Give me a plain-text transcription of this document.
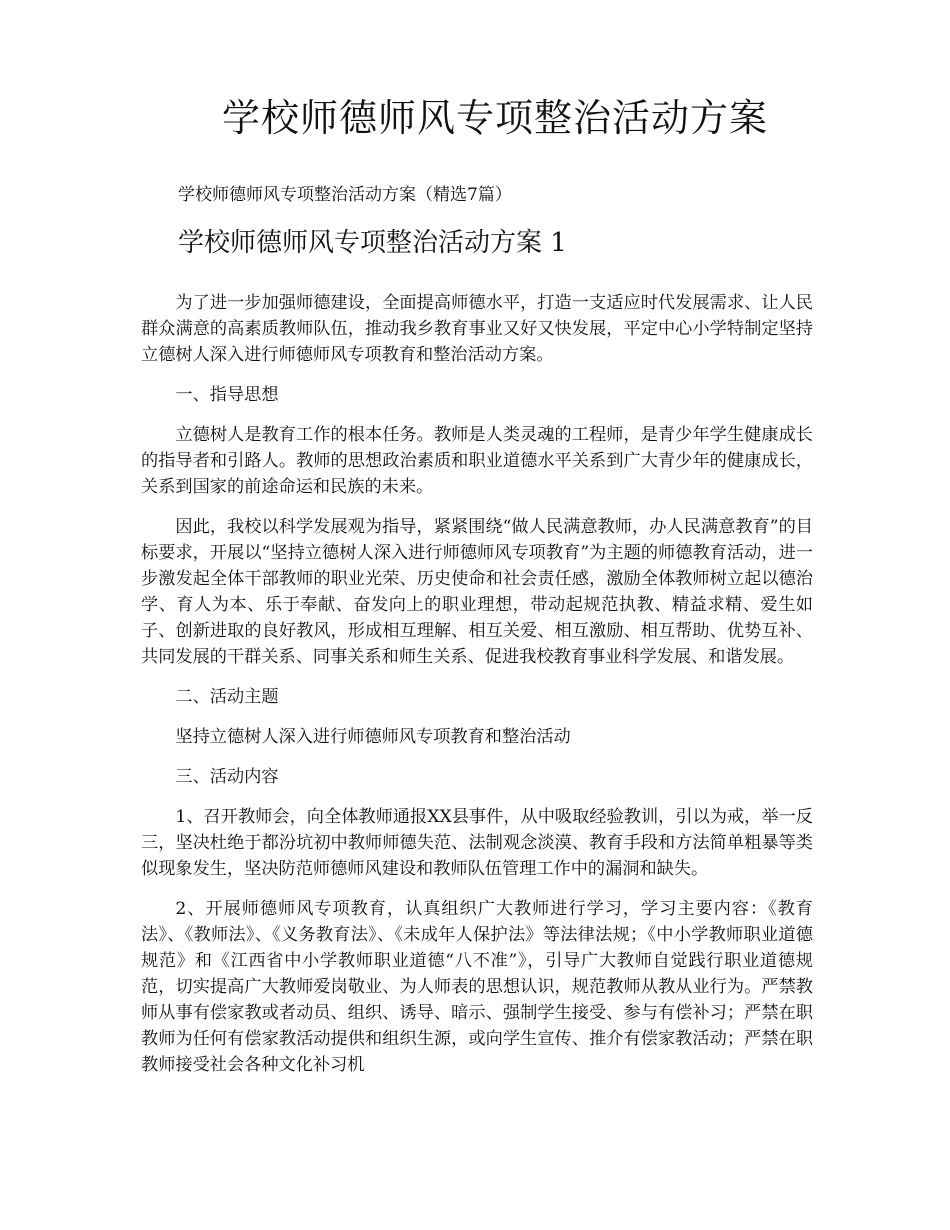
学校师德师风专项整治活动方案

学校师德师风专项整治活动方案（精选7篇）

学校师德师风专项整治活动方案 1

为了进一步加强师德建设，全面提高师德水平，打造一支适应时代发展需求、让人民群众满意的高素质教师队伍，推动我乡教育事业又好又快发展，平定中心小学特制定坚持立德树人深入进行师德师风专项教育和整治活动方案。

一、指导思想

立德树人是教育工作的根本任务。教师是人类灵魂的工程师，是青少年学生健康成长的指导者和引路人。教师的思想政治素质和职业道德水平关系到广大青少年的健康成长，关系到国家的前途命运和民族的未来。

因此，我校以科学发展观为指导，紧紧围绕“做人民满意教师，办人民满意教育”的目标要求，开展以“坚持立德树人深入进行师德师风专项教育”为主题的师德教育活动，进一步激发起全体干部教师的职业光荣、历史使命和社会责任感，激励全体教师树立起以德治学、育人为本、乐于奉献、奋发向上的职业理想，带动起规范执教、精益求精、爱生如子、创新进取的良好教风，形成相互理解、相互关爱、相互激励、相互帮助、优势互补、共同发展的干群关系、同事关系和师生关系、促进我校教育事业科学发展、和谐发展。

二、活动主题

坚持立德树人深入进行师德师风专项教育和整治活动

三、活动内容

1、召开教师会，向全体教师通报XX县事件，从中吸取经验教训，引以为戒，举一反三，坚决杜绝于都汾坑初中教师师德失范、法制观念淡漠、教育手段和方法简单粗暴等类似现象发生，坚决防范师德师风建设和教师队伍管理工作中的漏洞和缺失。

2、开展师德师风专项教育，认真组织广大教师进行学习，学习主要内容：《教育法》、《教师法》、《义务教育法》、《未成年人保护法》等法律法规；《中小学教师职业道德规范》和《江西省中小学教师职业道德“八不准”》，引导广大教师自觉践行职业道德规范，切实提高广大教师爱岗敬业、为人师表的思想认识，规范教师从教从业行为。严禁教师从事有偿家教或者动员、组织、诱导、暗示、强制学生接受、参与有偿补习；严禁在职教师为任何有偿家教活动提供和组织生源，或向学生宣传、推介有偿家教活动；严禁在职教师接受社会各种文化补习机
